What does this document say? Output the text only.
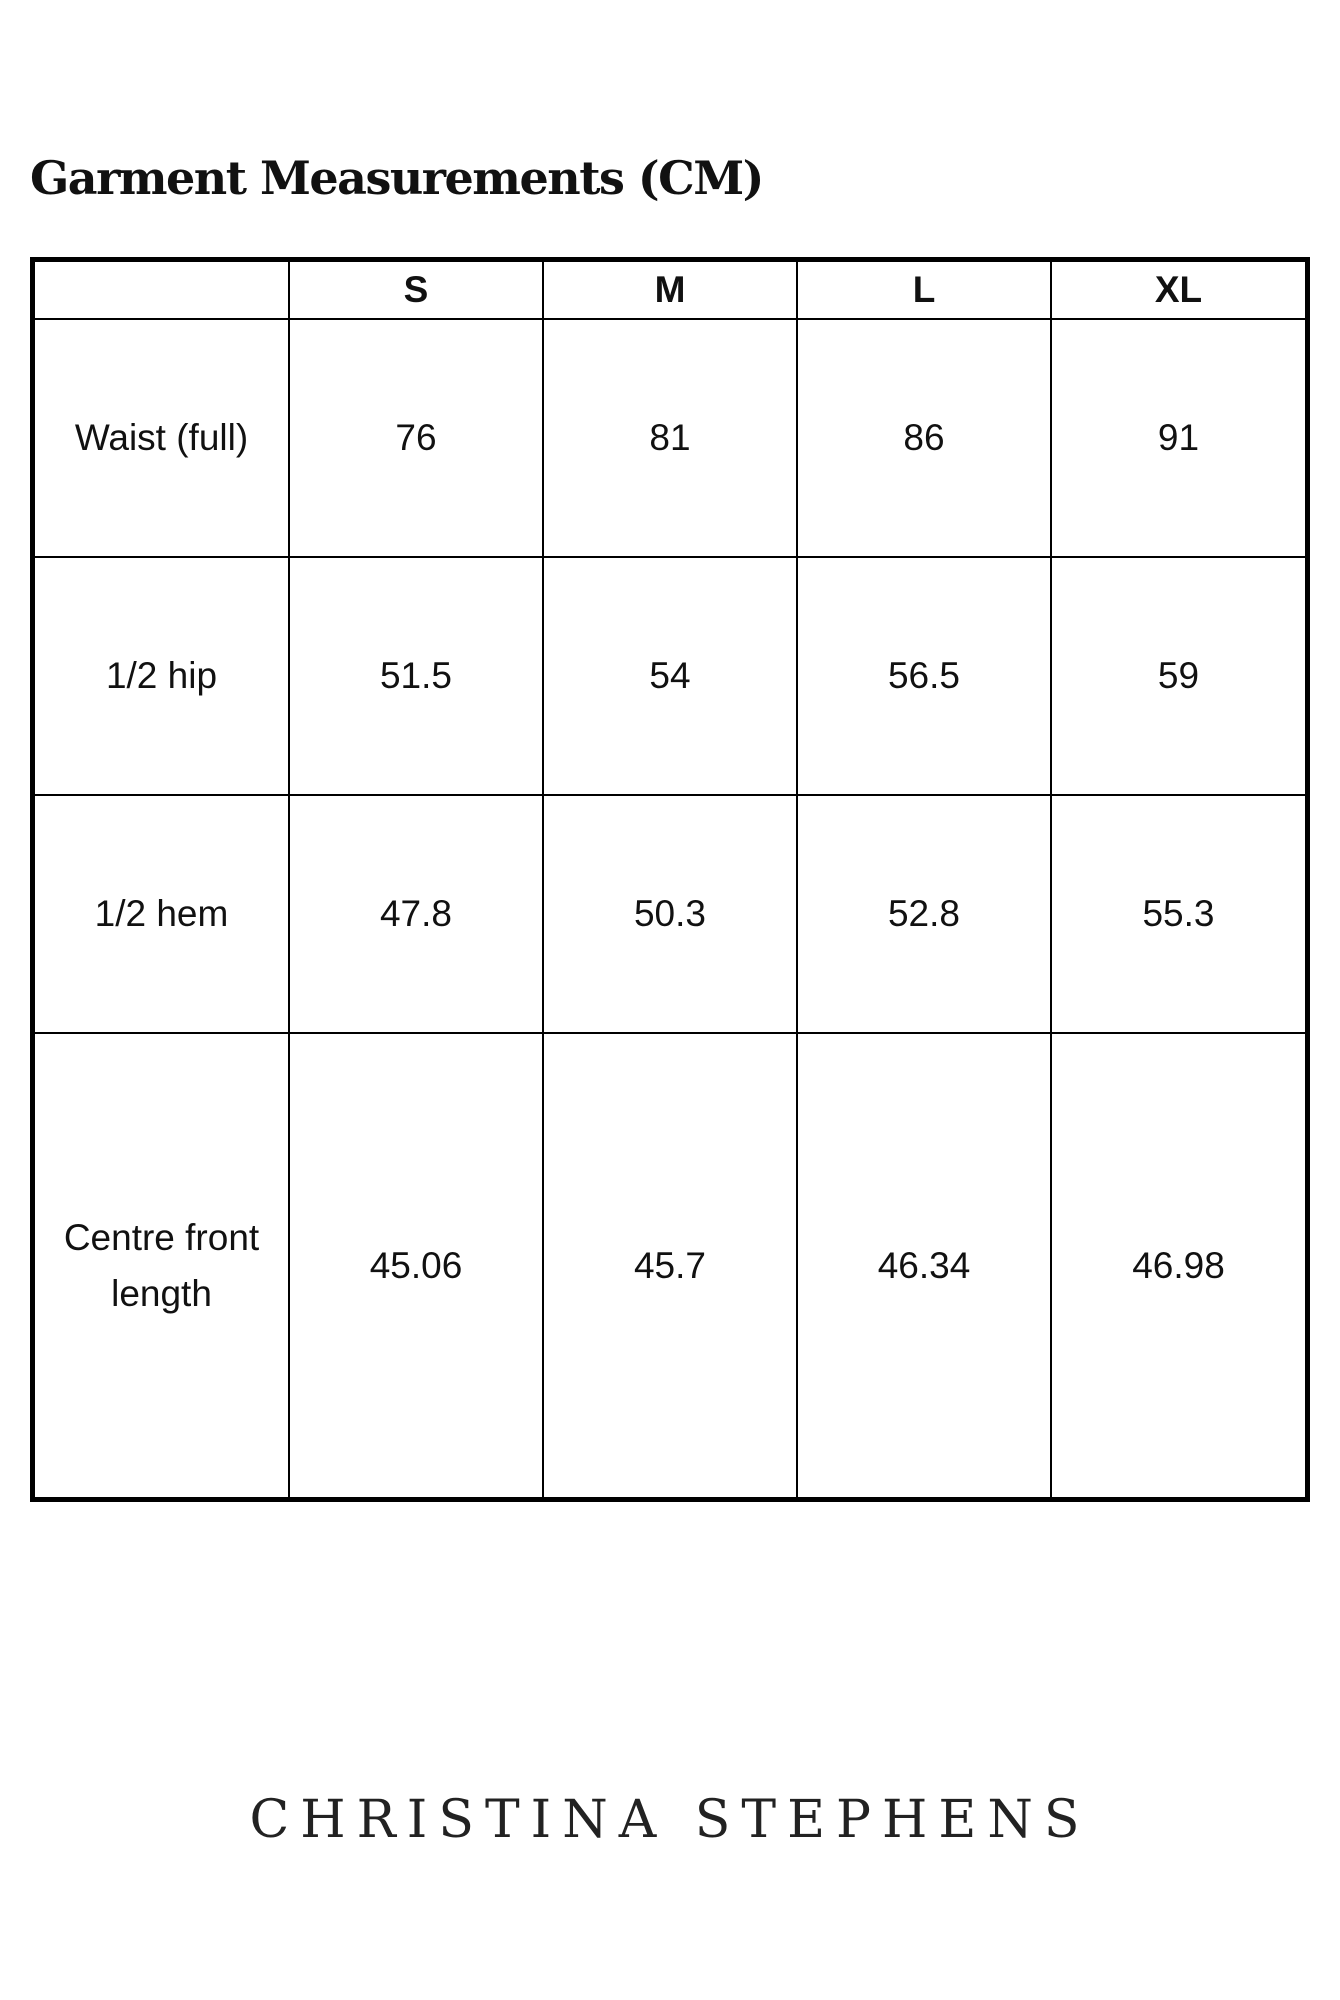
Garment Measurements (CM)
	S	M	L	XL
Waist (full)	76	81	86	91
1/2 hip	51.5	54	56.5	59
1/2 hem	47.8	50.3	52.8	55.3
Centre front length	45.06	45.7	46.34	46.98

CHRISTINA STEPHENS
